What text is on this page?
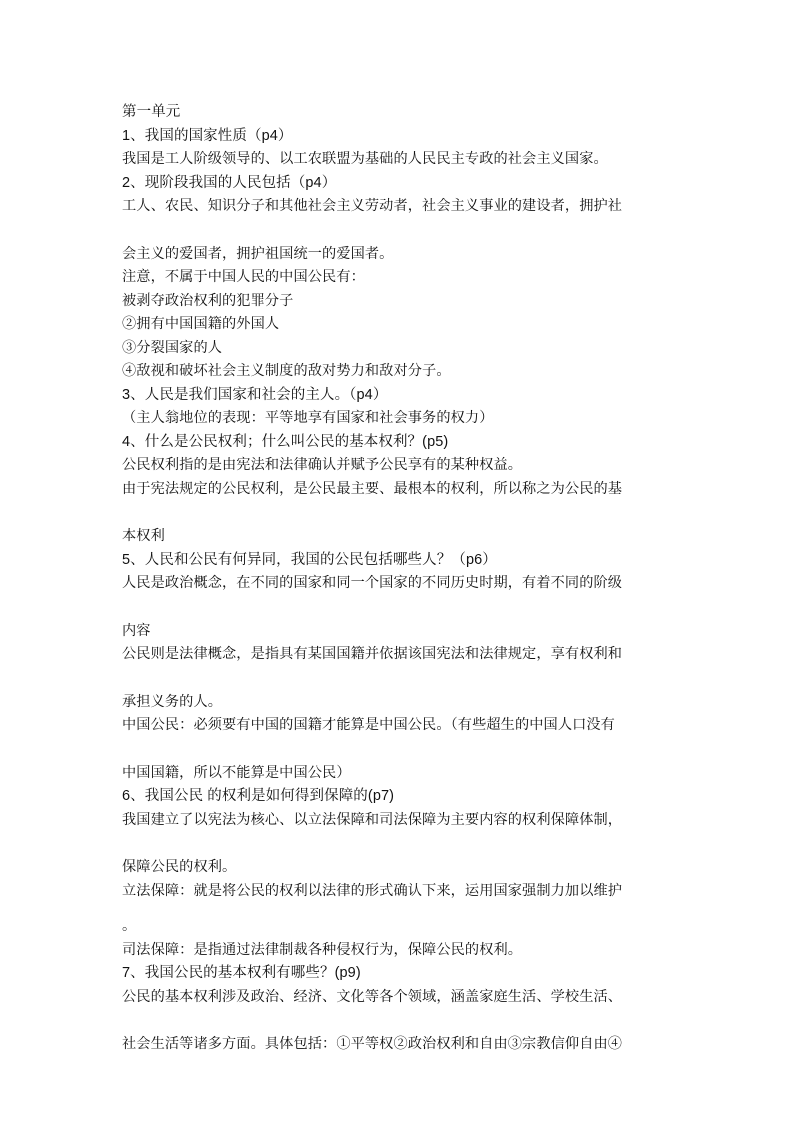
第一单元
1、我国的国家性质（p4）
我国是工人阶级领导的、以工农联盟为基础的人民民主专政的社会主义国家。
2、现阶段我国的人民包括（p4）
工人、农民、知识分子和其他社会主义劳动者，社会主义事业的建设者，拥护社
会主义的爱国者，拥护祖国统一的爱国者。
注意，不属于中国人民的中国公民有：
被剥夺政治权利的犯罪分子
②拥有中国国籍的外国人
③分裂国家的人
④敌视和破坏社会主义制度的敌对势力和敌对分子。
3、人民是我们国家和社会的主人。（p4）
（主人翁地位的表现：平等地享有国家和社会事务的权力）
4、什么是公民权利；什么叫公民的基本权利？(p5)
公民权利指的是由宪法和法律确认并赋予公民享有的某种权益。
由于宪法规定的公民权利，是公民最主要、最根本的权利，所以称之为公民的基
本权利
5、人民和公民有何异同，我国的公民包括哪些人？（p6）
人民是政治概念，在不同的国家和同一个国家的不同历史时期，有着不同的阶级
内容
公民则是法律概念，是指具有某国国籍并依据该国宪法和法律规定，享有权利和
承担义务的人。
中国公民：必须要有中国的国籍才能算是中国公民。（有些超生的中国人口没有
中国国籍，所以不能算是中国公民）
6、我国公民 的权利是如何得到保障的(p7)
我国建立了以宪法为核心、以立法保障和司法保障为主要内容的权利保障体制，
保障公民的权利。
立法保障：就是将公民的权利以法律的形式确认下来，运用国家强制力加以维护
。
司法保障：是指通过法律制裁各种侵权行为，保障公民的权利。
7、我国公民的基本权利有哪些？(p9)
公民的基本权利涉及政治、经济、文化等各个领域，涵盖家庭生活、学校生活、
社会生活等诸多方面。具体包括：①平等权②政治权利和自由③宗教信仰自由④
